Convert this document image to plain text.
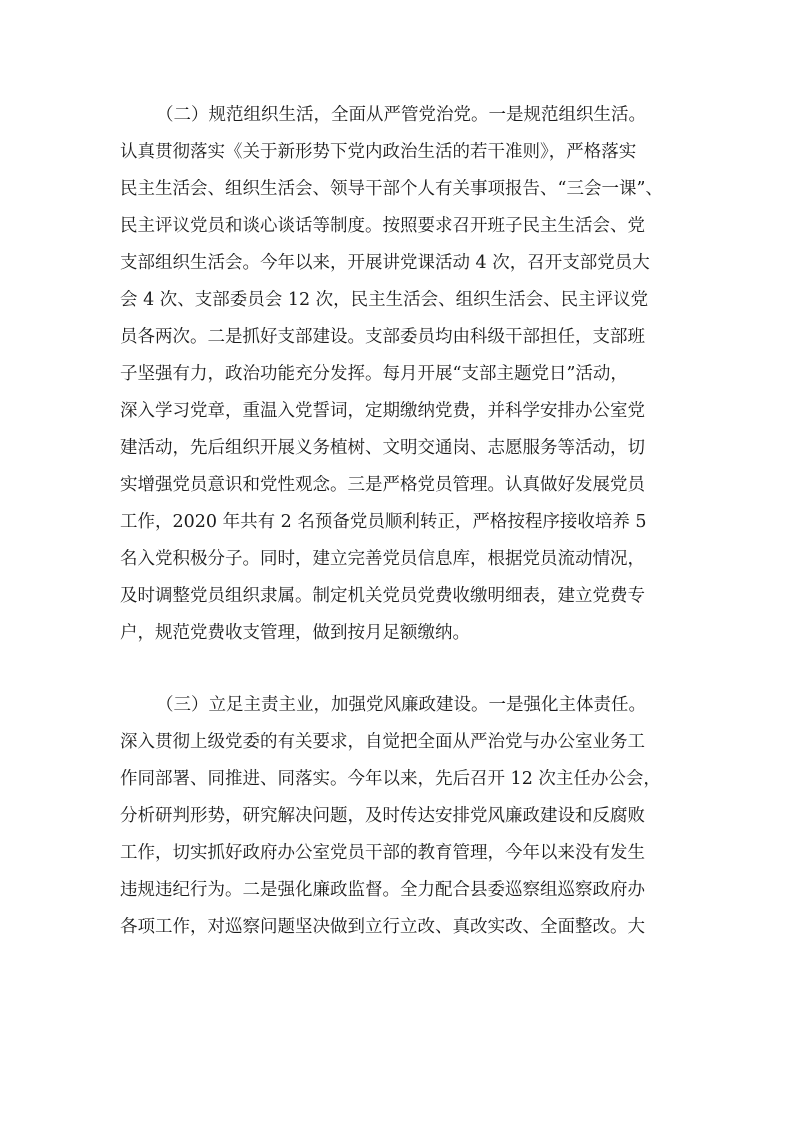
（二）规范组织生活，全面从严管党治党。一是规范组织生活。
认真贯彻落实《关于新形势下党内政治生活的若干准则》，严格落实
民主生活会、组织生活会、领导干部个人有关事项报告、“三会一课”、
民主评议党员和谈心谈话等制度。按照要求召开班子民主生活会、党
支部组织生活会。今年以来，开展讲党课活动 4 次，召开支部党员大
会 4 次、支部委员会 12 次，民主生活会、组织生活会、民主评议党
员各两次。二是抓好支部建设。支部委员均由科级干部担任，支部班
子坚强有力，政治功能充分发挥。每月开展“支部主题党日”活动，
深入学习党章，重温入党誓词，定期缴纳党费，并科学安排办公室党
建活动，先后组织开展义务植树、文明交通岗、志愿服务等活动，切
实增强党员意识和党性观念。三是严格党员管理。认真做好发展党员
工作，2020 年共有 2 名预备党员顺利转正，严格按程序接收培养 5
名入党积极分子。同时，建立完善党员信息库，根据党员流动情况，
及时调整党员组织隶属。制定机关党员党费收缴明细表，建立党费专
户，规范党费收支管理，做到按月足额缴纳。
（三）立足主责主业，加强党风廉政建设。一是强化主体责任。
深入贯彻上级党委的有关要求，自觉把全面从严治党与办公室业务工
作同部署、同推进、同落实。今年以来，先后召开 12 次主任办公会，
分析研判形势，研究解决问题，及时传达安排党风廉政建设和反腐败
工作，切实抓好政府办公室党员干部的教育管理，今年以来没有发生
违规违纪行为。二是强化廉政监督。全力配合县委巡察组巡察政府办
各项工作，对巡察问题坚决做到立行立改、真改实改、全面整改。大
